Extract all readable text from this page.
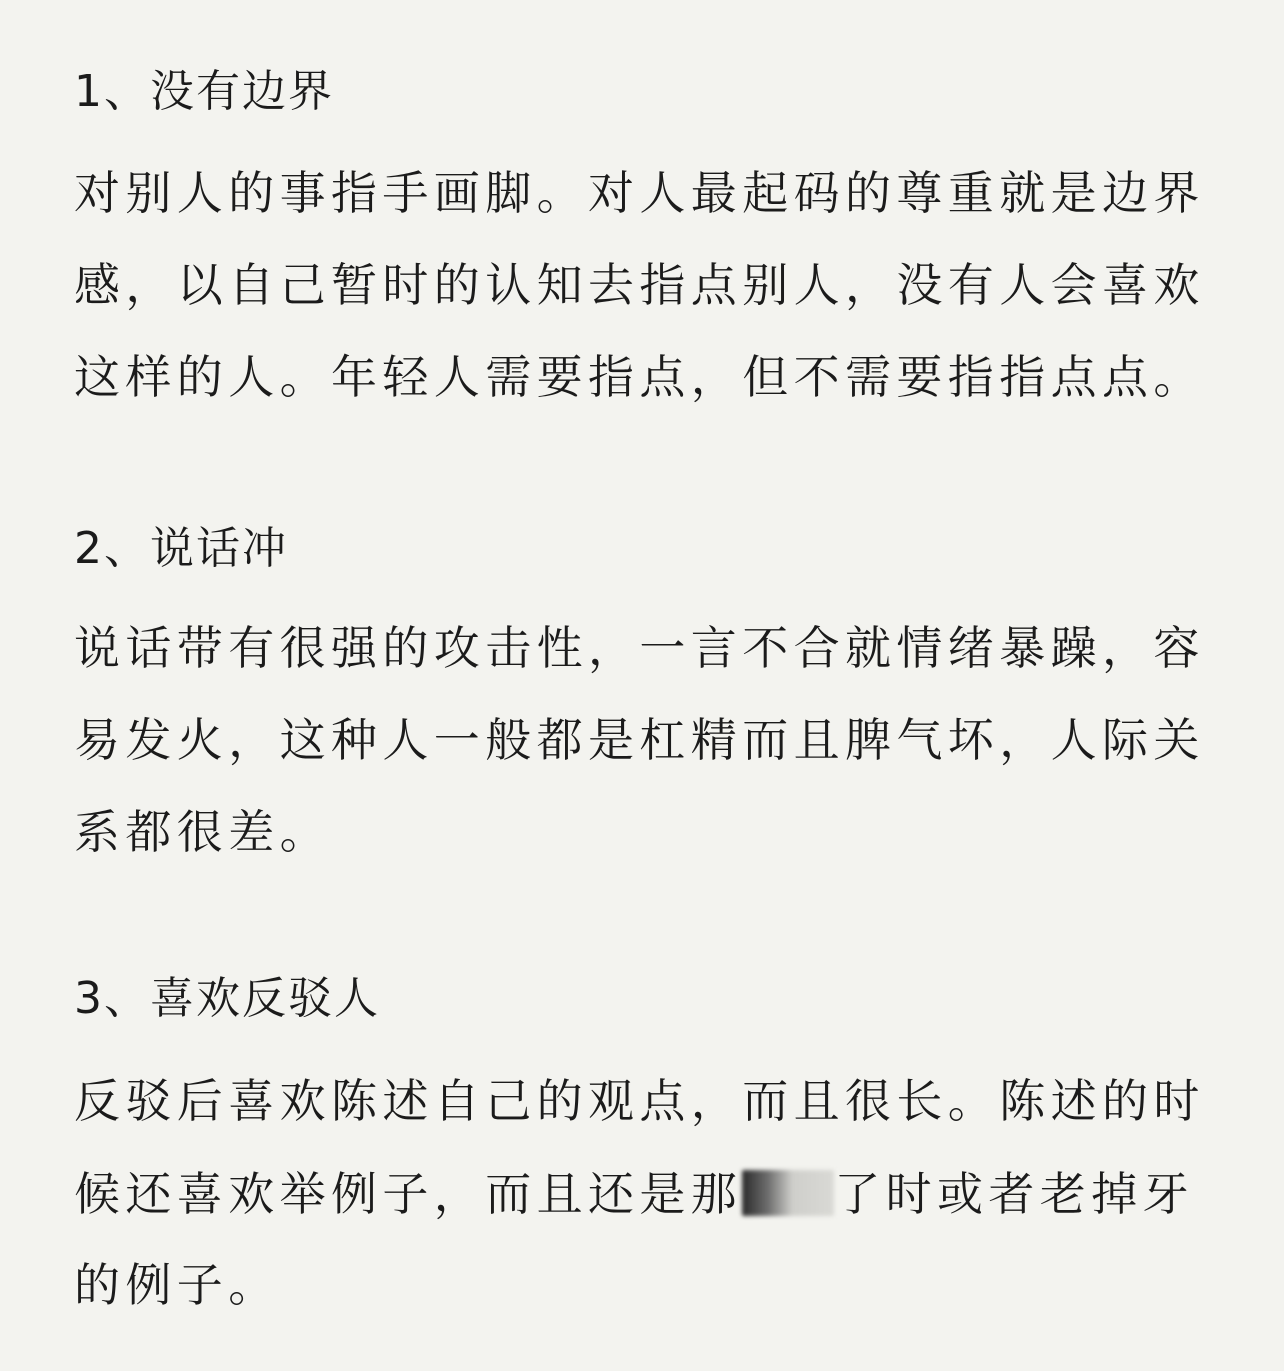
1、没有边界
对别人的事指手画脚。对人最起码的尊重就是边界
感，以自己暂时的认知去指点别人，没有人会喜欢
这样的人。年轻人需要指点，但不需要指指点点。
2、说话冲
说话带有很强的攻击性，一言不合就情绪暴躁，容
易发火，这种人一般都是杠精而且脾气坏，人际关
系都很差。
3、喜欢反驳人
反驳后喜欢陈述自己的观点，而且很长。陈述的时
候还喜欢举例子，而且还是那 了时或者老掉牙
的例子。
